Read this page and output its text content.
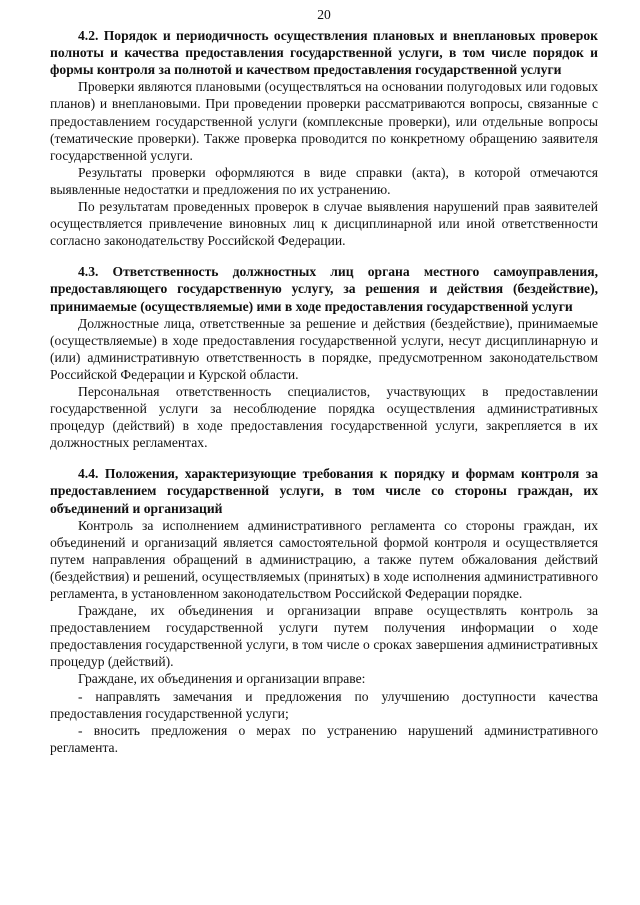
20

4.2. Порядок и периодичность осуществления плановых и внеплановых проверок полноты и качества предоставления государственной услуги, в том числе порядок и формы контроля за полнотой и качеством предоставления государственной услуги

Проверки являются плановыми (осуществляться на основании полугодовых или годовых планов) и внеплановыми. При проведении проверки рассматриваются вопросы, связанные с предоставлением государственной услуги (комплексные проверки), или отдельные вопросы (тематические проверки). Также проверка проводится по конкретному обращению заявителя государственной услуги.

Результаты проверки оформляются в виде справки (акта), в которой отмечаются выявленные недостатки и предложения по их устранению.

По результатам проведенных проверок в случае выявления нарушений прав заявителей осуществляется привлечение виновных лиц к дисциплинарной или иной ответственности согласно законодательству Российской Федерации.

4.3. Ответственность должностных лиц органа местного самоуправления, предоставляющего государственную услугу, за решения и действия (бездействие), принимаемые (осуществляемые) ими в ходе предоставления государственной услуги

Должностные лица, ответственные за решение и действия (бездействие), принимаемые (осуществляемые) в ходе предоставления государственной услуги, несут дисциплинарную и (или) административную ответственность в порядке, предусмотренном законодательством Российской Федерации и Курской области.

Персональная ответственность специалистов, участвующих в предоставлении государственной услуги за несоблюдение порядка осуществления административных процедур (действий) в ходе предоставления государственной услуги, закрепляется в их должностных регламентах.

4.4. Положения, характеризующие требования к порядку и формам контроля за предоставлением государственной услуги, в том числе со стороны граждан, их объединений и организаций

Контроль за исполнением административного регламента со стороны граждан, их объединений и организаций является самостоятельной формой контроля и осуществляется путем направления обращений в администрацию, а также путем обжалования действий (бездействия) и решений, осуществляемых (принятых) в ходе исполнения административного регламента, в установленном законодательством Российской Федерации порядке.

Граждане, их объединения и организации вправе осуществлять контроль за предоставлением государственной услуги путем получения информации о ходе предоставления государственной услуги, в том числе о сроках завершения административных процедур (действий).

Граждане, их объединения и организации вправе:

- направлять замечания и предложения по улучшению доступности качества предоставления государственной услуги;

- вносить предложения о мерах по устранению нарушений административного регламента.
